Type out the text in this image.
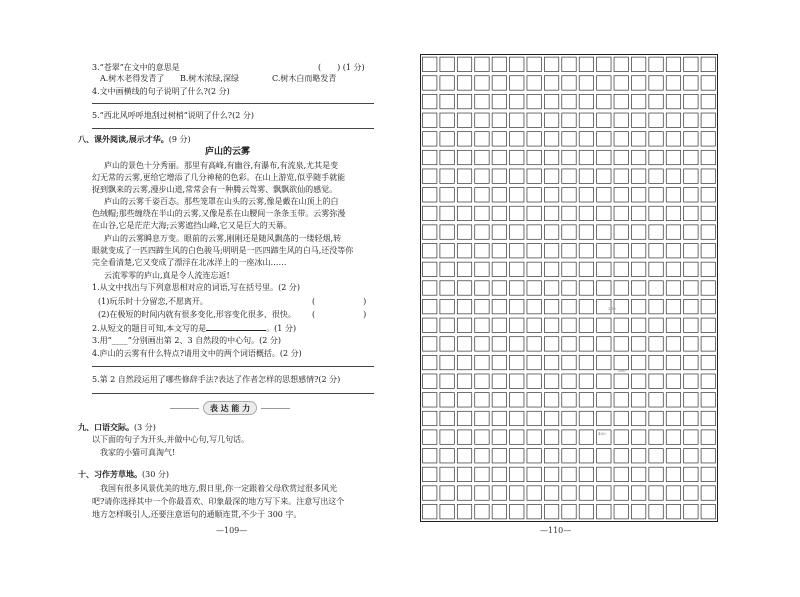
3.“苍翠”在文中的意思是	(　　) (1 分)
A.树木老得发青了 B.树木浓绿,深绿	C.树木白而略发青
4.文中画横线的句子说明了什么?(2 分)
5.“西北风呼呼地刮过树梢”说明了什么?(2 分)
八、课外阅读,展示才华。(9 分)
庐山的云雾
庐山的景色十分秀丽。那里有高峰,有幽谷,有瀑布,有流泉,尤其是变
幻无常的云雾,更给它增添了几分神秘的色彩。在山上游览,似乎随手就能
捉到飘来的云雾,漫步山道,常常会有一种腾云驾雾、飘飘欲仙的感觉。
庐山的云雾千姿百态。那些笼罩在山头的云雾,像是戴在山顶上的白
色绒帽;那些缠绕在半山的云雾,又像是系在山腰间一条条玉带。云雾弥漫
在山谷,它是茫茫大海;云雾遮挡山峰,它又是巨大的天幕。
庐山的云雾瞬息万变。眼前的云雾,刚刚还是随风飘荡的一缕轻烟,转
眼就变成了一匹四蹄生风的白色骏马;明明是一匹四蹄生风的白马,还没等你
完全看清楚,它又变成了漂浮在北冰洋上的一座冰山……
云流零零的庐山,真是令人流连忘返!
1.从文中找出与下列意思相对应的词语,写在括号里。(2 分)
(1)玩乐时十分留恋,不愿离开。	(　　　　　　)
(2)在极短的时间内就有很多变化,形容变化很多、很快。 (　　　　　　)
2.从短文的题目可知,本文写的是	。(1 分)
3.用“____”分别画出第 2、3 自然段的中心句。(2 分)
4.庐山的云雾有什么特点?请用文中的两个词语概括。(2 分)
5.第 2 自然段运用了哪些修辞手法?表达了作者怎样的思想感情?(2 分)
表 达 能 力
九、口语交际。(3 分)
以下面的句子为开头,并做中心句,写几句话。
我家的小猫可真淘气!
十、习作芳草地。(30 分)
我国有很多风景优美的地方,假日里,你一定跟着父母欣赏过很多风光
吧?请你选择其中一个你最喜欢、印象最深的地方写下来。注意写出这个
地方怎样吸引人,还要注意语句的通顺连贯,不少于 300 字。
—109—
200
300
400
—110—
